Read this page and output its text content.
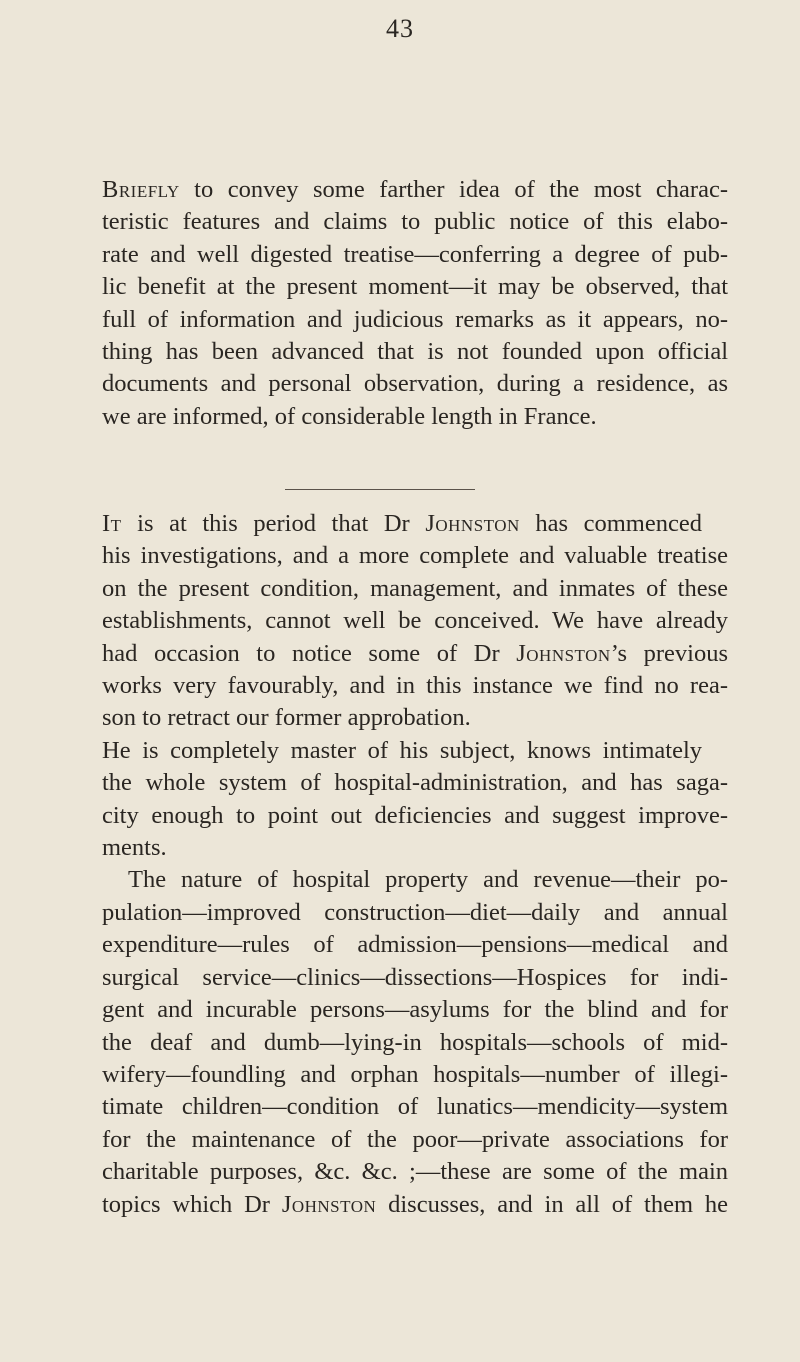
43
Briefly to convey some farther idea of the most charac-
teristic features and claims to public notice of this elabo-
rate and well digested treatise—conferring a degree of pub-
lic benefit at the present moment—it may be observed, that
full of information and judicious remarks as it appears, no-
thing has been advanced that is not founded upon official
documents and personal observation, during a residence, as
we are informed, of considerable length in France.
It is at this period that Dr Johnston has commenced
his investigations, and a more complete and valuable treatise
on the present condition, management, and inmates of these
establishments, cannot well be conceived. We have already
had occasion to notice some of Dr Johnston’s previous
works very favourably, and in this instance we find no rea-
son to retract our former approbation.
He is completely master of his subject, knows intimately
the whole system of hospital-administration, and has saga-
city enough to point out deficiencies and suggest improve-
ments.
The nature of hospital property and revenue—their po-
pulation—improved construction—diet—daily and annual
expenditure—rules of admission—pensions—medical and
surgical service—clinics—dissections—Hospices for indi-
gent and incurable persons—asylums for the blind and for
the deaf and dumb—lying-in hospitals—schools of mid-
wifery—foundling and orphan hospitals—number of illegi-
timate children—condition of lunatics—mendicity—system
for the maintenance of the poor—private associations for
charitable purposes, &c. &c. ;—these are some of the main
topics which Dr Johnston discusses, and in all of them he
